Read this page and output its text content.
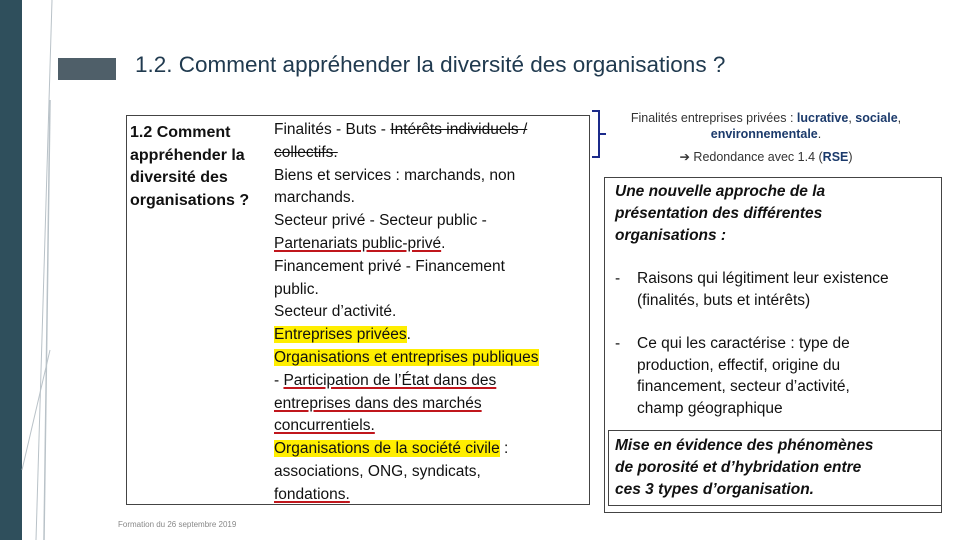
1.2. Comment appréhender la diversité des organisations ?
1.2 Comment
appréhender la
diversité des
organisations ?
Finalités - Buts - Intérêts individuels /
collectifs.
Biens et services : marchands, non
marchands.
Secteur privé - Secteur public -
Partenariats public-privé.
Financement privé - Financement
public.
Secteur d’activité.
Entreprises privées.
Organisations et entreprises publiques
- Participation de l’État dans des
entreprises dans des marchés
concurrentiels.
Organisations de la société civile :
associations, ONG, syndicats,
fondations.
Finalités entreprises privées : lucrative, sociale,
environnementale.
➔ Redondance avec 1.4 (RSE)
Une nouvelle approche de la
présentation des différentes
organisations :
- Raisons qui légitiment leur existence
(finalités, buts et intérêts)
- Ce qui les caractérise : type de
production, effectif, origine du
financement, secteur d’activité,
champ géographique
Mise en évidence des phénomènes
de porosité et d’hybridation entre
ces 3 types d’organisation.
Formation du 26 septembre 2019
